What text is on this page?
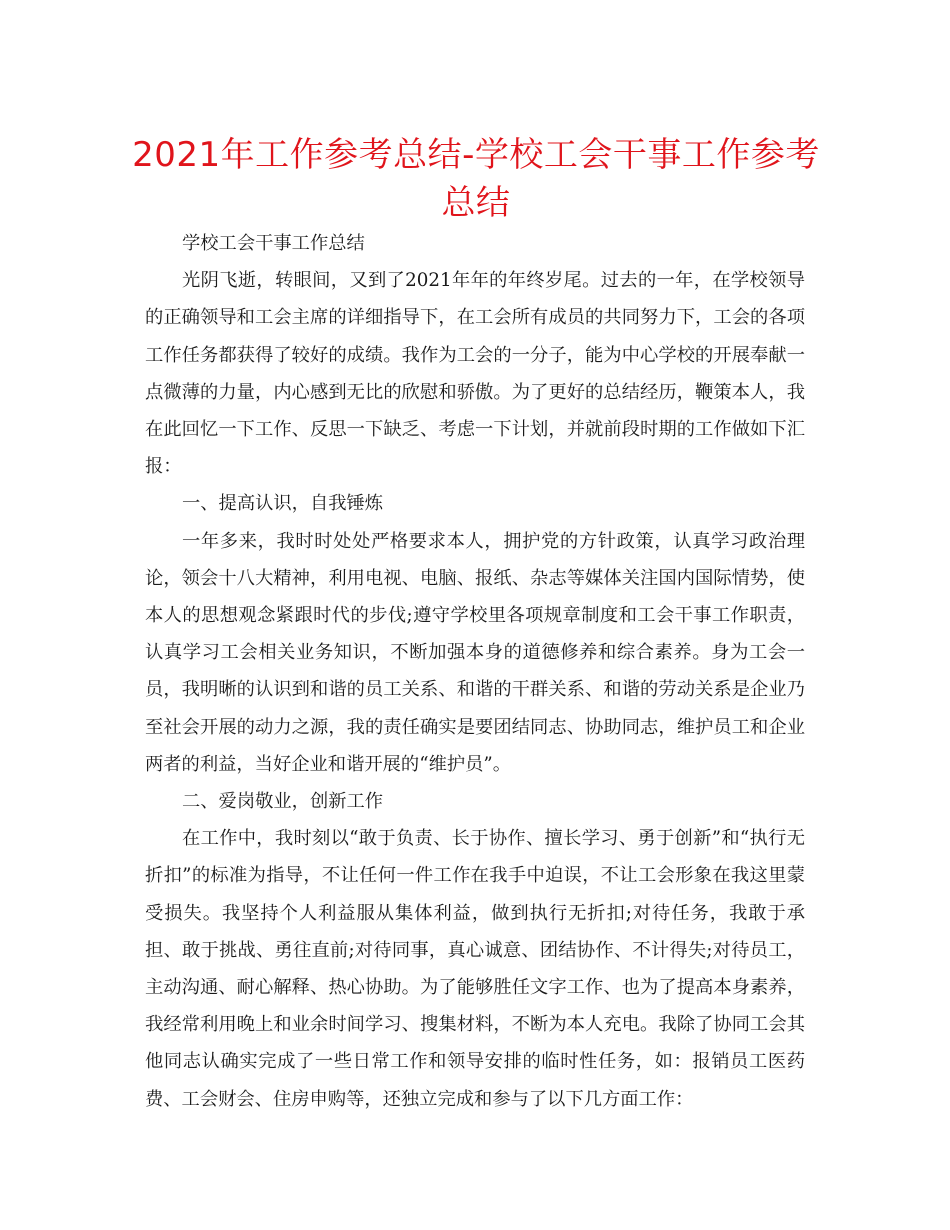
2021年工作参考总结-学校工会干事工作参考总结

学校工会干事工作总结

光阴飞逝，转眼间，又到了2021年年的年终岁尾。过去的一年，在学校领导的正确领导和工会主席的详细指导下，在工会所有成员的共同努力下，工会的各项工作任务都获得了较好的成绩。我作为工会的一分子，能为中心学校的开展奉献一点微薄的力量，内心感到无比的欣慰和骄傲。为了更好的总结经历，鞭策本人，我在此回忆一下工作、反思一下缺乏、考虑一下计划，并就前段时期的工作做如下汇报：

一、提高认识，自我锤炼

一年多来，我时时处处严格要求本人，拥护党的方针政策，认真学习政治理论，领会十八大精神，利用电视、电脑、报纸、杂志等媒体关注国内国际情势，使本人的思想观念紧跟时代的步伐;遵守学校里各项规章制度和工会干事工作职责，认真学习工会相关业务知识，不断加强本身的道德修养和综合素养。身为工会一员，我明晰的认识到和谐的员工关系、和谐的干群关系、和谐的劳动关系是企业乃至社会开展的动力之源，我的责任确实是要团结同志、协助同志，维护员工和企业两者的利益，当好企业和谐开展的“维护员”。

二、爱岗敬业，创新工作

在工作中，我时刻以“敢于负责、长于协作、擅长学习、勇于创新”和“执行无折扣”的标准为指导，不让任何一件工作在我手中迫误，不让工会形象在我这里蒙受损失。我坚持个人利益服从集体利益，做到执行无折扣;对待任务，我敢于承担、敢于挑战、勇往直前;对待同事，真心诚意、团结协作、不计得失;对待员工，主动沟通、耐心解释、热心协助。为了能够胜任文字工作、也为了提高本身素养，我经常利用晚上和业余时间学习、搜集材料，不断为本人充电。我除了协同工会其他同志认确实完成了一些日常工作和领导安排的临时性任务，如：报销员工医药费、工会财会、住房申购等，还独立完成和参与了以下几方面工作：
